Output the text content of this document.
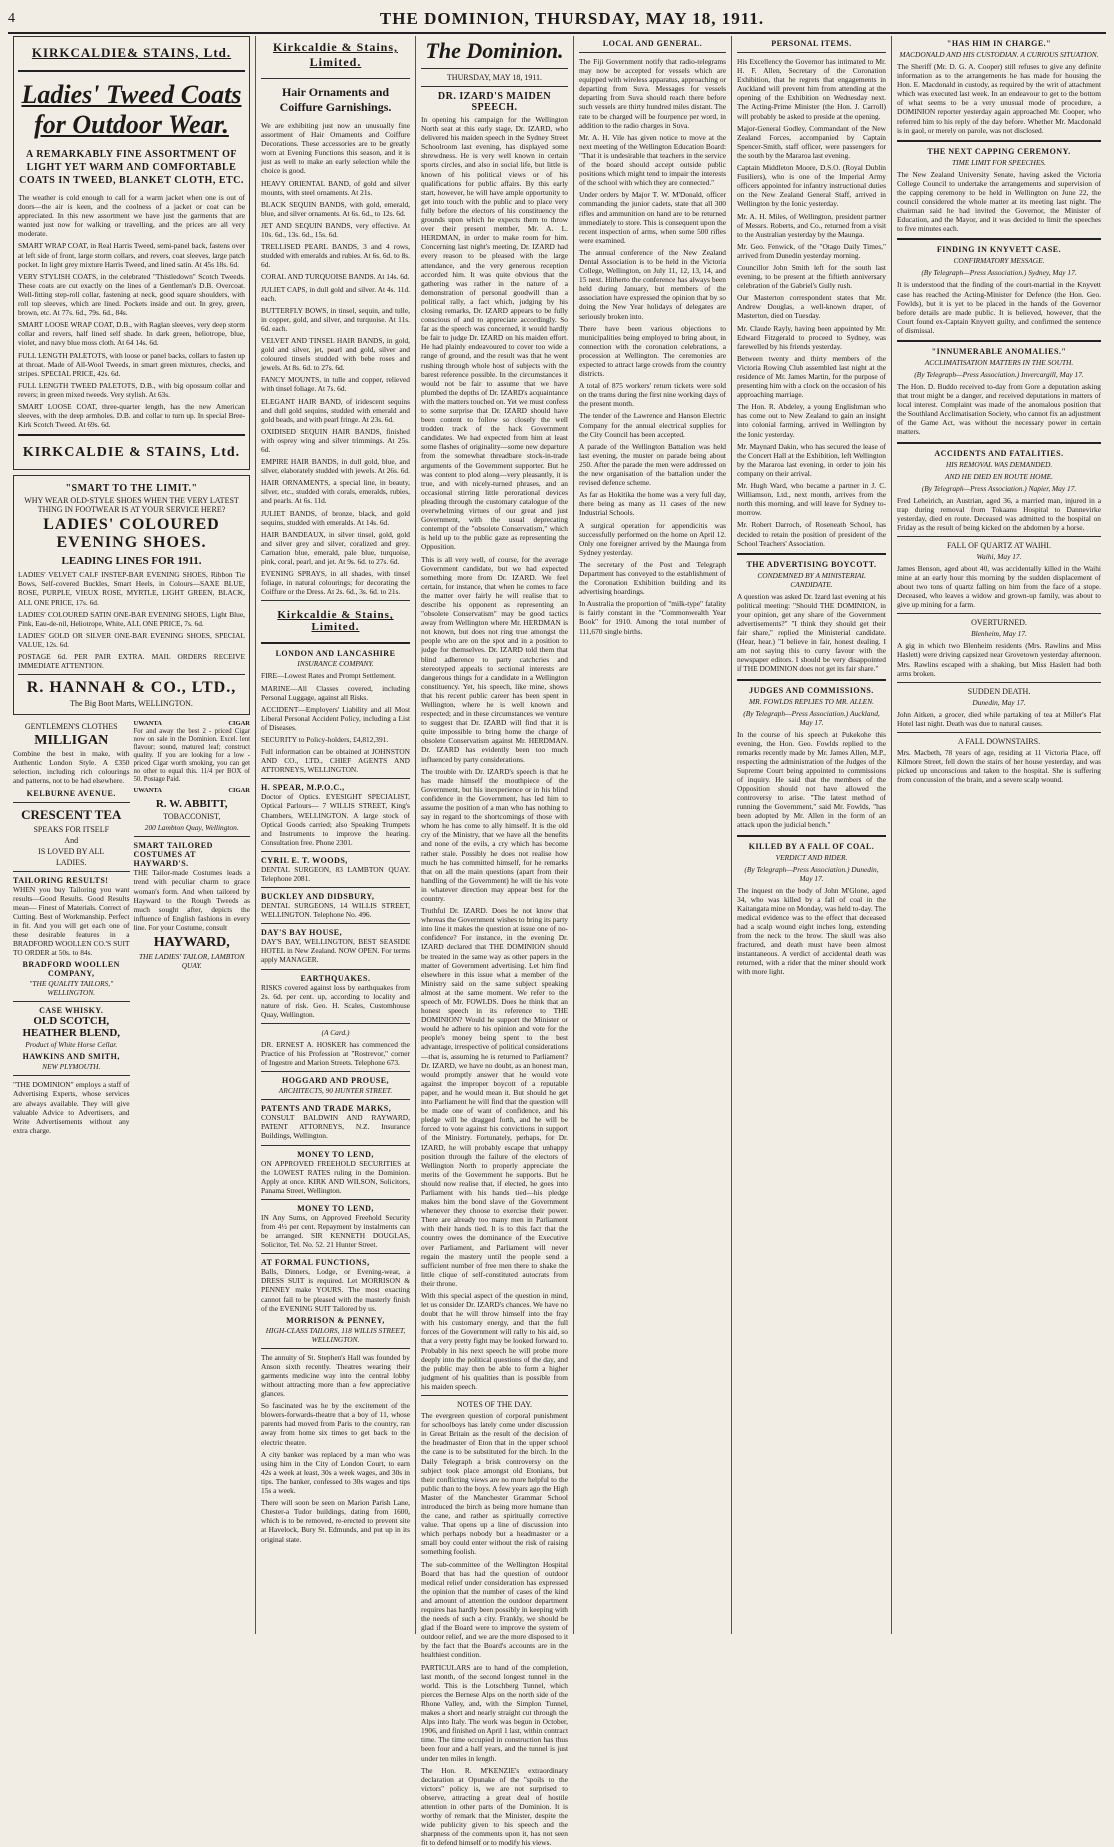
4	THE DOMINION, THURSDAY, MAY 18, 1911.
KIRKCALDIE& STAINS, Ltd.
Ladies' Tweed Coats for Outdoor Wear.
A REMARKABLY FINE ASSORTMENT OF LIGHT YET WARM AND COMFORTABLE COATS IN TWEED, BLANKET CLOTH, ETC.

The weather is cold enough to call for a warm jacket when one is out of doors—the air is keen, and the coolness of a jacket or coat can be appreciated. In this new assortment we have just the garments that are wanted just now for walking or travelling, and the prices are all very moderate.

SMART WRAP COAT, in Real Harris Tweed, semi-panel back, fastens over at left side of front, large storm collars, and revers, coat sleeves, large patch pocket. In light grey mixture Harris Tweed, and lined satin. At 45s 18s. 6d.

VERY STYLISH COATS, in the celebrated "Thistledown" Scotch Tweeds. These coats are cut exactly on the lines of a Gentleman's D.B. Overcoat. Well-fitting step-roll collar, fastening at neck, good square shoulders, with roll top sleeves, which are lined. Pockets inside and out. In grey, green, brown, etc. At 77s. 6d., 79s. 6d., 84s.

SMART LOOSE WRAP COAT, D.B., with Raglan sleeves, very deep storm collar and revers, half lined self shade. In dark green, heliotrope, blue, violet, and navy blue moss cloth. At 64 14s. 6d.

FULL LENGTH PALETOTS, with loose or panel backs, collars to fasten up at throat. Made of All-Wool Tweeds, in smart green mixtures, checks, and stripes. SPECIAL PRICE, 42s. 6d.

FULL LENGTH TWEED PALETOTS, D.B., with big opossum collar and revers; in green mixed tweeds. Very stylish. At 63s.

SMART LOOSE COAT, three-quarter length, has the new American sleeves, with the deep armholes. D.B. and collar to turn up. In special Bree-Kirk Scotch Tweed. At 69s. 6d.

KIRKCALDIE & STAINS, Ltd.
"SMART TO THE LIMIT."
WHY WEAR OLD-STYLE SHOES WHEN THE VERY LATEST THING IN FOOTWEAR IS AT YOUR SERVICE HERE?
LADIES' COLOURED EVENING SHOES.
LEADING LINES FOR 1911.

LADIES' VELVET CALF INSTEP-BAR EVENING SHOES, Ribbon Tie Bows, Self-covered Buckles, Smart Heels, in Colours—SAXE BLUE, ROSE, PURPLE, VIEUX ROSE, MYRTLE, LIGHT GREEN, BLACK, ALL ONE PRICE, 17s. 6d.

LADIES' COLOURED SATIN ONE-BAR EVENING SHOES, Light Blue, Pink, Eau-de-nil, Heliotrope, White, ALL ONE PRICE, 7s. 6d.

LADIES' GOLD OR SILVER ONE-BAR EVENING SHOES, SPECIAL VALUE, 12s. 6d.

POSTAGE 6d. PER PAIR EXTRA. MAIL ORDERS RECEIVE IMMEDIATE ATTENTION.

R. HANNAH & CO., LTD.,
The Big Boot Marts, WELLINGTON.
GENTLEMEN'S CLOTHES
MILLIGAN

Combine the best in make, with Authentic London Style. A £350 selection, including rich colourings and patterns, not to be had elsewhere.

KELBURNE AVENUE.
CRESCENT TEA
SPEAKS FOR ITSELF
And
IS LOVED BY ALL
LADIES.
TAILORING RESULTS!

WHEN you buy Tailoring you want results—Good Results. Good Results mean— Finest of Materials. Correct of Cutting. Best of Workmanship. Perfect in fit. And you will get each one of these desirable features in a BRADFORD WOOLLEN CO.'S SUIT TO ORDER at 50s. to 84s.

BRADFORD WOOLLEN COMPANY,
"THE QUALITY TAILORS," WELLINGTON.
CASE WHISKY.
OLD SCOTCH, HEATHER BLEND,
Product of White Horse Cellar.
HAWKINS AND SMITH,
NEW PLYMOUTH.

"THE DOMINION" employs a staff of Advertising Experts, whose services are always available. They will give valuable Advice to Advertisers, and Write Advertisements without any extra charge.

UWANTA	CIGAR

For and away the best 2 - priced Cigar now on sale in the Dominion. Excel. lent flavour; sound, matured leaf; construct quality. If you are looking for a low - priced Cigar worth smoking, you can get no other to equal this. 11/4 per BOX of 50. Postage Paid.

UWANTA	CIGAR
R. W. ABBITT,
TOBACCONIST,
200 Lambton Quay, Wellington.
SMART TAILORED COSTUMES AT HAYWARD'S.

THE Tailor-made Costumes leads a trend with peculiar charm to grace woman's form. And when tailored by Hayward to the Rough Tweeds as much sought after, depicts the influence of English fashions in every line. For your Costume, consult

HAYWARD,
THE LADIES' TAILOR, LAMBTON QUAY.
Kirkcaldie & Stains, Limited.
Hair Ornaments and Coiffure Garnishings.

We are exhibiting just now an unusually fine assortment of Hair Ornaments and Coiffure Decorations. These accessories are to be greatly worn at Evening Functions this season, and it is just as well to make an early selection while the choice is good.

HEAVY ORIENTAL BAND, of gold and silver mounts, with steel ornaments. At 21s.

BLACK SEQUIN BANDS, with gold, emerald, blue, and silver ornaments. At 6s. 6d., to 12s. 6d.

JET AND SEQUIN BANDS, very effective. At 10s. 6d., 13s. 6d., 15s. 6d.

TRELLISED PEARL BANDS, 3 and 4 rows, studded with emeralds and rubies. At 6s. 6d. to 8s. 6d.

CORAL AND TURQUOISE BANDS. At 14s. 6d.

JULIET CAPS, in dull gold and silver. At 4s. 11d. each.

BUTTERFLY BOWS, in tinsel, sequin, and tulle, in copper, gold, and silver, and turquoise. At 11s. 6d. each.

VELVET AND TINSEL HAIR BANDS, in gold, gold and silver, jet, pearl and gold, silver and coloured tinsels studded with bebe roses and jewels. At 8s. 6d. to 27s. 6d.

FANCY MOUNTS, in tulle and copper, relieved with tinsel foliage. At 7s. 6d.

ELEGANT HAIR BAND, of iridescent sequins and dull gold sequins, studded with emerald and gold beads, and with pearl fringe. At 23s. 6d.

OXIDISED SEQUIN HAIR BANDS, finished with osprey wing and silver trimmings. At 25s. 6d.

EMPIRE HAIR BANDS, in dull gold, blue, and silver, elaborately studded with jewels. At 26s. 6d.

HAIR ORNAMENTS, a special line, in beauty, silver, etc., studded with corals, emeralds, rubies, and pearls. At 6s. 11d.

JULIET BANDS, of bronze, black, and gold sequins, studded with emeralds. At 14s. 6d.

HAIR BANDEAUX, in silver tinsel, gold, gold and silver grey and silver, coralized and grey. Carnation blue, emerald, pale blue, turquoise, pink, coral, pearl, and jet. At 9s. 6d. to 27s. 6d.

EVENING SPRAYS, in all shades, with tinsel foliage, in natural colourings; for decorating the Coiffure or the Dress. At 2s. 6d., 3s. 6d. to 21s.

Kirkcaldie & Stains, Limited.
LONDON AND LANCASHIRE
INSURANCE COMPANY.

FIRE—Lowest Rates and Prompt Settlement.

MARINE—All Classes covered, including Personal Luggage, against all Risks.

ACCIDENT—Employers' Liability and all Most Liberal Personal Accident Policy, including a List of Diseases.

SECURITY to Policy-holders, £4,812,391.

Full information can be obtained at JOHNSTON AND CO., LTD., CHIEF AGENTS AND ATTORNEYS, WELLINGTON.

H. SPEAR, M.P.O.C.,

Doctor of Optics. EYESIGHT SPECIALIST, Optical Parlours— 7 WILLIS STREET, King's Chambers, WELLINGTON. A large stock of Optical Goods carried; also Speaking Trumpets and Instruments to improve the hearing. Consultation free. Phone 2301.

CYRIL E. T. WOODS,

DENTAL SURGEON, 83 LAMBTON QUAY. Telephone 2081.

BUCKLEY AND DIDSBURY,

DENTAL SURGEONS, 14 WILLIS STREET, WELLINGTON. Telephone No. 496.

DAY'S BAY HOUSE,

DAY'S BAY, WELLINGTON, BEST SEASIDE HOTEL in New Zealand. NOW OPEN. For terms apply MANAGER.

EARTHQUAKES.

RISKS covered against loss by earthquakes from 2s. 6d. per cent. up, according to locality and nature of risk. Geo. H. Scales, Customhouse Quay, Wellington.

(A Card.)

DR. ERNEST A. HOSKER has commenced the Practice of his Profession at "Rostrevor," corner of Ingestre and Marion Streets. Telephone 673.

HOGGARD AND PROUSE,
ARCHITECTS, 90 HUNTER STREET.
PATENTS AND TRADE MARKS,

CONSULT BALDWIN AND RAYWARD, PATENT ATTORNEYS, N.Z. Insurance Buildings, Wellington.

MONEY TO LEND,

ON APPROVED FREEHOLD SECURITIES at the LOWEST RATES ruling in the Dominion. Apply at once. KIRK AND WILSON, Solicitors, Panama Street, Wellington.

MONEY TO LEND,

IN Any Sums, on Approved Freehold Security from 4½ per cent. Repayment by instalments can be arranged. SIR KENNETH DOUGLAS, Solicitor, Tel. No. 52. 21 Hunter Street.

AT FORMAL FUNCTIONS,

Balls, Dinners, Lodge, or Evening-wear, a DRESS SUIT is required. Let MORRISON & PENNEY make YOURS. The most exacting cannot fail to be pleased with the masterly finish of the EVENING SUIT Tailored by us.

MORRISON & PENNEY,
HIGH-CLASS TAILORS, 118 WILLIS STREET, WELLINGTON.

The annuity of St. Stephen's Hall was founded by Anson sixth recently. Theatres wearing their garments medicine way into the central lobby without attracting more than a few appreciative glances.

So fascinated was he by the excitement of the blowers-forwards-theatre that a boy of 11, whose parents had moved from Paris to the country, ran away from home six times to get back to the electric theatre.

A city banker was replaced by a man who was using him in the City of London Court, to earn 42s a week at least, 30s a week wages, and 30s in tips. The banker, confessed to 30s wages and tips 15s a week.

There will soon be seen on Marion Parish Lane, Chester-a Tudor buildings, dating from 1600, which is to be removed, re-erected to prevent site at Havelock, Bury St. Edmunds, and put up in its original state.

The Dominion.
THURSDAY, MAY 18, 1911.
DR. IZARD'S MAIDEN SPEECH.

In opening his campaign for the Wellington North seat at this early stage, Dr. IZARD, who delivered his maiden speech in the Sydney Street Schoolroom last evening, has displayed some shrewdness. He is very well known in certain sports circles, and also in social life, but little is known of his political views or of his qualifications for public affairs. By this early start, however, he will have ample opportunity to get into touch with the public and to place very fully before the electors of his constituency the grounds upon which he expects them to throw over their present member, Mr. A. L. HERDMAN, in order to make room for him. Concerning last night's meeting, Dr. IZARD had every reason to be pleased with the large attendance, and the very generous reception accorded him. It was quite obvious that the gathering was rather in the nature of a demonstration of personal goodwill than a political rally, a fact which, judging by his closing remarks, Dr. IZARD appears to be fully conscious of and to appreciate accordingly. So far as the speech was concerned, it would hardly be fair to judge Dr. IZARD on his maiden effort. He had plainly endeavoured to cover too wide a range of ground, and the result was that he went rushing through whole host of subjects with the barest reference possible. In the circumstances it would not be fair to assume that we have plumbed the depths of Dr. IZARD's acquaintance with the matters touched on. Yet we must confess to some surprise that Dr. IZARD should have been content to follow so closely the well trodden track of the hack Government candidates. We had expected from him at least some flashes of originality—some new departure from the somewhat threadbare stock-in-trade arguments of the Government supporter. But he was content to plod along—very pleasantly, it is true, and with nicely-turned phrases, and an occasional stirring little perorational devices pleading through the customary catalogue of the overwhelming virtues of our great and just Government, with the usual deprecating contempt of the "obsolete Conservatism," which is held up to the public gaze as representing the Opposition.

This is all very well, of course, for the average Government candidate, but we had expected something more from Dr. IZARD. We feel certain, for instance, that when he comes to face the matter over fairly he will realise that to describe his opponent as representing an "obsolete Conservatism" may be good tactics away from Wellington where Mr. HERDMAN is not known, but does not ring true amongst the people who are on the spot and in a position to judge for themselves. Dr. IZARD told them that blind adherence to party catchcries and stereotyped appeals to sectional interests are dangerous things for a candidate in a Wellington constituency. Yet, his speech, like mine, shows that his recent public career has been spent in Wellington, where he is well known and respected; and in these circumstances we venture to suggest that Dr. IZARD will find that it is quite impossible to bring home the charge of obsolete Conservatism against Mr. HERDMAN. Dr. IZARD has evidently been too much influenced by party considerations.

The trouble with Dr. IZARD's speech is that he has made himself the mouthpiece of the Government, but his inexperience or in his blind confidence in the Government, has led him to assume the position of a man who has nothing to say in regard to the shortcomings of those with whom he has come to ally himself. It is the old cry of the Ministry, that we have all the benefits and none of the evils, a cry which has become rather stale. Possibly he does not realise how much he has committed himself, for he remarks that on all the main questions (apart from their handling of the Government) he will tie his vote in whatever direction may appear best for the country.

Truthful Dr. IZARD. Does he not know that whereas the Government wishes to bring its party into line it makes the question at issue one of no-confidence? For instance, in the evening Dr. IZARD declared that THE DOMINION should be treated in the same way as other papers in the matter of Government advertising. Let him find elsewhere in this issue what a member of the Ministry said on the same subject speaking almost at the same moment. We refer to the speech of Mr. FOWLDS. Does he think that an honest speech in its reference to THE DOMINION? Would he support the Minister or would he adhere to his opinion and vote for the people's money being spent to the best advantage, irrespective of political considerations—that is, assuming he is returned to Parliament? Dr. IZARD, we have no doubt, as an honest man, would promptly answer that he would vote against the improper boycott of a reputable paper, and he would mean it. But should he get into Parliament he will find that the question will be made one of want of confidence, and his pledge will be dragged forth, and he will be forced to vote against his convictions in support of the Ministry. Fortunately, perhaps, for Dr. IZARD, he will probably escape that unhappy position through the failure of the electors of Wellington North to properly appreciate the merits of the Government he supports. But he should now realise that, if elected, he goes into Parliament with his hands tied—his pledge makes him the bond slave of the Government whenever they choose to exercise their power. There are already too many men in Parliament with their hands tied. It is to this fact that the country owes the dominance of the Executive over Parliament, and Parliament will never regain the mastery until the people send a sufficient number of free men there to shake the little clique of self-constituted autocrats from their throne.

With this special aspect of the question in mind, let us consider Dr. IZARD's chances. We have no doubt that he will throw himself into the fray with his customary energy, and that the full forces of the Government will rally to his aid, so that a very pretty fight may be looked forward to. Probably in his next speech he will probe more deeply into the political questions of the day, and the public may then be able to form a higher judgment of his qualities than is possible from his maiden speech.

NOTES OF THE DAY.

The evergreen question of corporal punishment for schoolboys has lately come under discussion in Great Britain as the result of the decision of the headmaster of Eton that in the upper school the cane is to be substituted for the birch. In the Daily Telegraph a brisk controversy on the subject took place amongst old Etonians, but their conflicting views are no more helpful to the public than to the boys. A few years ago the High Master of the Manchester Grammar School introduced the birch as being more humane than the cane, and rather as spiritually corrective value. That opens up a line of discussion into which perhaps nobody but a headmaster or a small boy could enter without the risk of raising something foolish.

The sub-committee of the Wellington Hospital Board that has had the question of outdoor medical relief under consideration has expressed the opinion that the number of cases of the kind and amount of attention the outdoor department requires has hardly been possibly in keeping with the needs of such a city. Frankly, we should be glad if the Board were to improve the system of outdoor relief, and we are the more disposed to it by the fact that the Board's accounts are in the healthiest condition.

PARTICULARS are to hand of the completion, last month, of the second longest tunnel in the world. This is the Lotschberg Tunnel, which pierces the Bernese Alps on the north side of the Rhone Valley, and, with the Simplon Tunnel, makes a short and nearly straight cut through the Alps into Italy. The work was begun in October, 1906, and finished on April 1 last, within contract time. The time occupied in construction has thus been four and a half years, and the tunnel is just under ten miles in length.

The Hon. R. M'KENZIE's extraordinary declaration at Opunake of the "spoils to the victors" policy is, we are not surprised to observe, attracting a great deal of hostile attention in other parts of the Dominion. It is worthy of remark that the Minister, despite the wide publicity given to his speech and the sharpness of the comments upon it, has not seen fit to defend himself or to modify his views.

LOCAL AND GENERAL.

The Fiji Government notify that radio-telegrams may now be accepted for vessels which are equipped with wireless apparatus, approaching or departing from Suva. Messages for vessels departing from Suva should reach there before such vessels are thirty hundred miles distant. The rate to be charged will be fourpence per word, in addition to the radio charges in Suva.

Mr. A. H. Vile has given notice to move at the next meeting of the Wellington Education Board: "That it is undesirable that teachers in the service of the board should accept outside public positions which might tend to impair the interests of the school with which they are connected."

Under orders by Major T. W. M'Donald, officer commanding the junior cadets, state that all 300 rifles and ammunition on hand are to be returned immediately to store. This is consequent upon the recent inspection of arms, when some 500 rifles were examined.

The annual conference of the New Zealand Dental Association is to be held in the Victoria College, Wellington, on July 11, 12, 13, 14, and 15 next. Hitherto the conference has always been held during January, but members of the association have expressed the opinion that by so doing the New Year holidays of delegates are seriously broken into.

There have been various objections to municipalities being employed to bring about, in connection with the coronation celebrations, a procession at Wellington. The ceremonies are expected to attract large crowds from the country districts.

A total of 875 workers' return tickets were sold on the trams during the first nine working days of the present month.

The tender of the Lawrence and Hanson Electric Company for the annual electrical supplies for the City Council has been accepted.

A parade of the Wellington Battalion was held last evening, the muster on parade being about 250. After the parade the men were addressed on the new organisation of the battalion under the revised defence scheme.

As far as Hokitika the home was a very full day, there being as many as 11 cases of the new Industrial Schools.

A surgical operation for appendicitis was successfully performed on the home on April 12. Only one foreigner arrived by the Maunga from Sydney yesterday.

The secretary of the Post and Telegraph Department has conveyed to the establishment of the Coronation Exhibition building and its advertising hoardings.

In Australia the proportion of "milk-type" fatality is fairly constant in the "Commonwealth Year Book" for 1910. Among the total number of 111,670 single births.

PERSONAL ITEMS.

His Excellency the Governor has intimated to Mr. H. F. Allen, Secretary of the Coronation Exhibition, that he regrets that engagements in Auckland will prevent him from attending at the opening of the Exhibition on Wednesday next. The Acting-Prime Minister (the Hon. J. Carroll) will probably be asked to preside at the opening.

Major-General Godley, Commandant of the New Zealand Forces, accompanied by Captain Spencer-Smith, staff officer, were passengers for the south by the Mararoa last evening.

Captain Middleton Moore, D.S.O. (Royal Dublin Fusiliers), who is one of the Imperial Army officers appointed for infantry instructional duties on the New Zealand General Staff, arrived in Wellington by the Ionic yesterday.

Mr. A. H. Miles, of Wellington, president partner of Messrs. Roberts, and Co., returned from a visit to the Australian yesterday by the Maunga.

Mr. Geo. Fenwick, of the "Otago Daily Times," arrived from Dunedin yesterday morning.

Councillor John Smith left for the south last evening, to be present at the fiftieth anniversary celebration of the Gabriel's Gully rush.

Our Masterton correspondent states that Mr. Andrew Douglas, a well-known draper, of Masterton, died on Tuesday.

Mr. Claude Rayly, having been appointed by Mr. Edward Fitzgerald to proceed to Sydney, was farewelled by his friends yesterday.

Between twenty and thirty members of the Victoria Rowing Club assembled last night at the residence of Mr. James Martin, for the purpose of presenting him with a clock on the occasion of his approaching marriage.

The Hon. R. Abdeley, a young Englishman who has come out to New Zealand to gain an insight into colonial farming, arrived in Wellington by the Ionic yesterday.

Mr. Maynard Dakin, who has secured the lease of the Concert Hall at the Exhibition, left Wellington by the Mararoa last evening, in order to join his company on their arrival.

Mr. Hugh Ward, who became a partner in J. C. Williamson, Ltd., next month, arrives from the north this morning, and will leave for Sydney to-morrow.

Mr. Robert Darroch, of Roseneath School, has decided to retain the position of president of the School Teachers' Association.

THE ADVERTISING BOYCOTT.
CONDEMNED BY A MINISTERIAL CANDIDATE.

A question was asked Dr. Izard last evening at his political meeting: "Should THE DOMINION, in your opinion, get any share of the Government advertisements?" "I think they should get their fair share," replied the Ministerial candidate. (Hear, hear.) "I believe in fair, honest dealing. I am not saying this to curry favour with the newspaper editors. I should be very disappointed if THE DOMINION does not get its fair share."

JUDGES AND COMMISSIONS.
MR. FOWLDS REPLIES TO MR. ALLEN.
(By Telegraph—Press Association.) Auckland, May 17.

In the course of his speech at Pukekohe this evening, the Hon. Geo. Fowlds replied to the remarks recently made by Mr. James Allen, M.P., respecting the administration of the Judges of the Supreme Court being appointed to commissions of inquiry. He said that the members of the Opposition should not have allowed the controversy to arise. "The latest method of running the Government," said Mr. Fowlds, "has been adopted by Mr. Allen in the form of an attack upon the judicial bench."

KILLED BY A FALL OF COAL.
VERDICT AND RIDER.
(By Telegraph—Press Association.) Dunedin, May 17.

The inquest on the body of John M'Glone, aged 34, who was killed by a fall of coal in the Kaitangata mine on Monday, was held to-day. The medical evidence was to the effect that deceased had a scalp wound eight inches long, extending from the neck to the brow. The skull was also fractured, and death must have been almost instantaneous. A verdict of accidental death was returned, with a rider that the miner should work with more light.

"HAS HIM IN CHARGE."
MACDONALD AND HIS CUSTODIAN. A CURIOUS SITUATION.

The Sheriff (Mr. D. G. A. Cooper) still refuses to give any definite information as to the arrangements he has made for housing the Hon. E. Macdonald in custody, as required by the writ of attachment which was executed last week. In an endeavour to get to the bottom of what seems to be a very unusual mode of procedure, a DOMINION reporter yesterday again approached Mr. Cooper, who referred him to his reply of the day before. Whether Mr. Macdonald is in gaol, or merely on parole, was not disclosed.

THE NEXT CAPPING CEREMONY.
TIME LIMIT FOR SPEECHES.

The New Zealand University Senate, having asked the Victoria College Council to undertake the arrangements and supervision of the capping ceremony to be held in Wellington on June 22, the council considered the whole matter at its meeting last night. The chairman said he had invited the Governor, the Minister of Education, and the Mayor, and it was decided to limit the speeches to five minutes each.

FINDING IN KNYVETT CASE.
CONFIRMATORY MESSAGE.
(By Telegraph—Press Association.) Sydney, May 17.

It is understood that the finding of the court-martial in the Knyvett case has reached the Acting-Minister for Defence (the Hon. Geo. Fowlds), but it is yet to be placed in the hands of the Governor before details are made public. It is believed, however, that the Court found ex-Captain Knyvett guilty, and confirmed the sentence of dismissal.

"INNUMERABLE ANOMALIES."
ACCLIMATISATION MATTERS IN THE SOUTH.
(By Telegraph—Press Association.) Invercargill, May 17.

The Hon. D. Buddo received to-day from Gore a deputation asking that trout might be a danger, and received deputations in matters of local interest. Complaint was made of the anomalous position that the Southland Acclimatisation Society, who cannot fix an adjustment of the Game Act, was without the necessary power in certain matters.

ACCIDENTS AND FATALITIES.
HIS REMOVAL WAS DEMANDED.
AND HE DIED EN ROUTE HOME.
(By Telegraph—Press Association.) Napier, May 17.

Fred Leheirich, an Austrian, aged 36, a married man, injured in a trap during removal from Tokaanu Hospital to Dannevirke yesterday, died en route. Deceased was admitted to the hospital on Friday as the result of being kicked on the abdomen by a horse.

FALL OF QUARTZ AT WAIHI.
Waihi, May 17.

James Benson, aged about 40, was accidentally killed in the Waihi mine at an early hour this morning by the sudden displacement of about two tons of quartz falling on him from the face of a stope. Deceased, who leaves a widow and grown-up family, was about to give up mining for a farm.

OVERTURNED.
Blenheim, May 17.

A gig in which two Blenheim residents (Mrs. Rawlins and Miss Haslett) were driving capsized near Grovetown yesterday afternoon. Mrs. Rawlins escaped with a shaking, but Miss Haslett had both arms broken.

SUDDEN DEATH.
Dunedin, May 17.

John Aitken, a grocer, died while partaking of tea at Miller's Flat Hotel last night. Death was due to natural causes.

A FALL DOWNSTAIRS.

Mrs. Macbeth, 78 years of age, residing at 11 Victoria Place, off Kilmore Street, fell down the stairs of her house yesterday, and was picked up unconscious and taken to the hospital. She is suffering from concussion of the brain, and a severe scalp wound.
